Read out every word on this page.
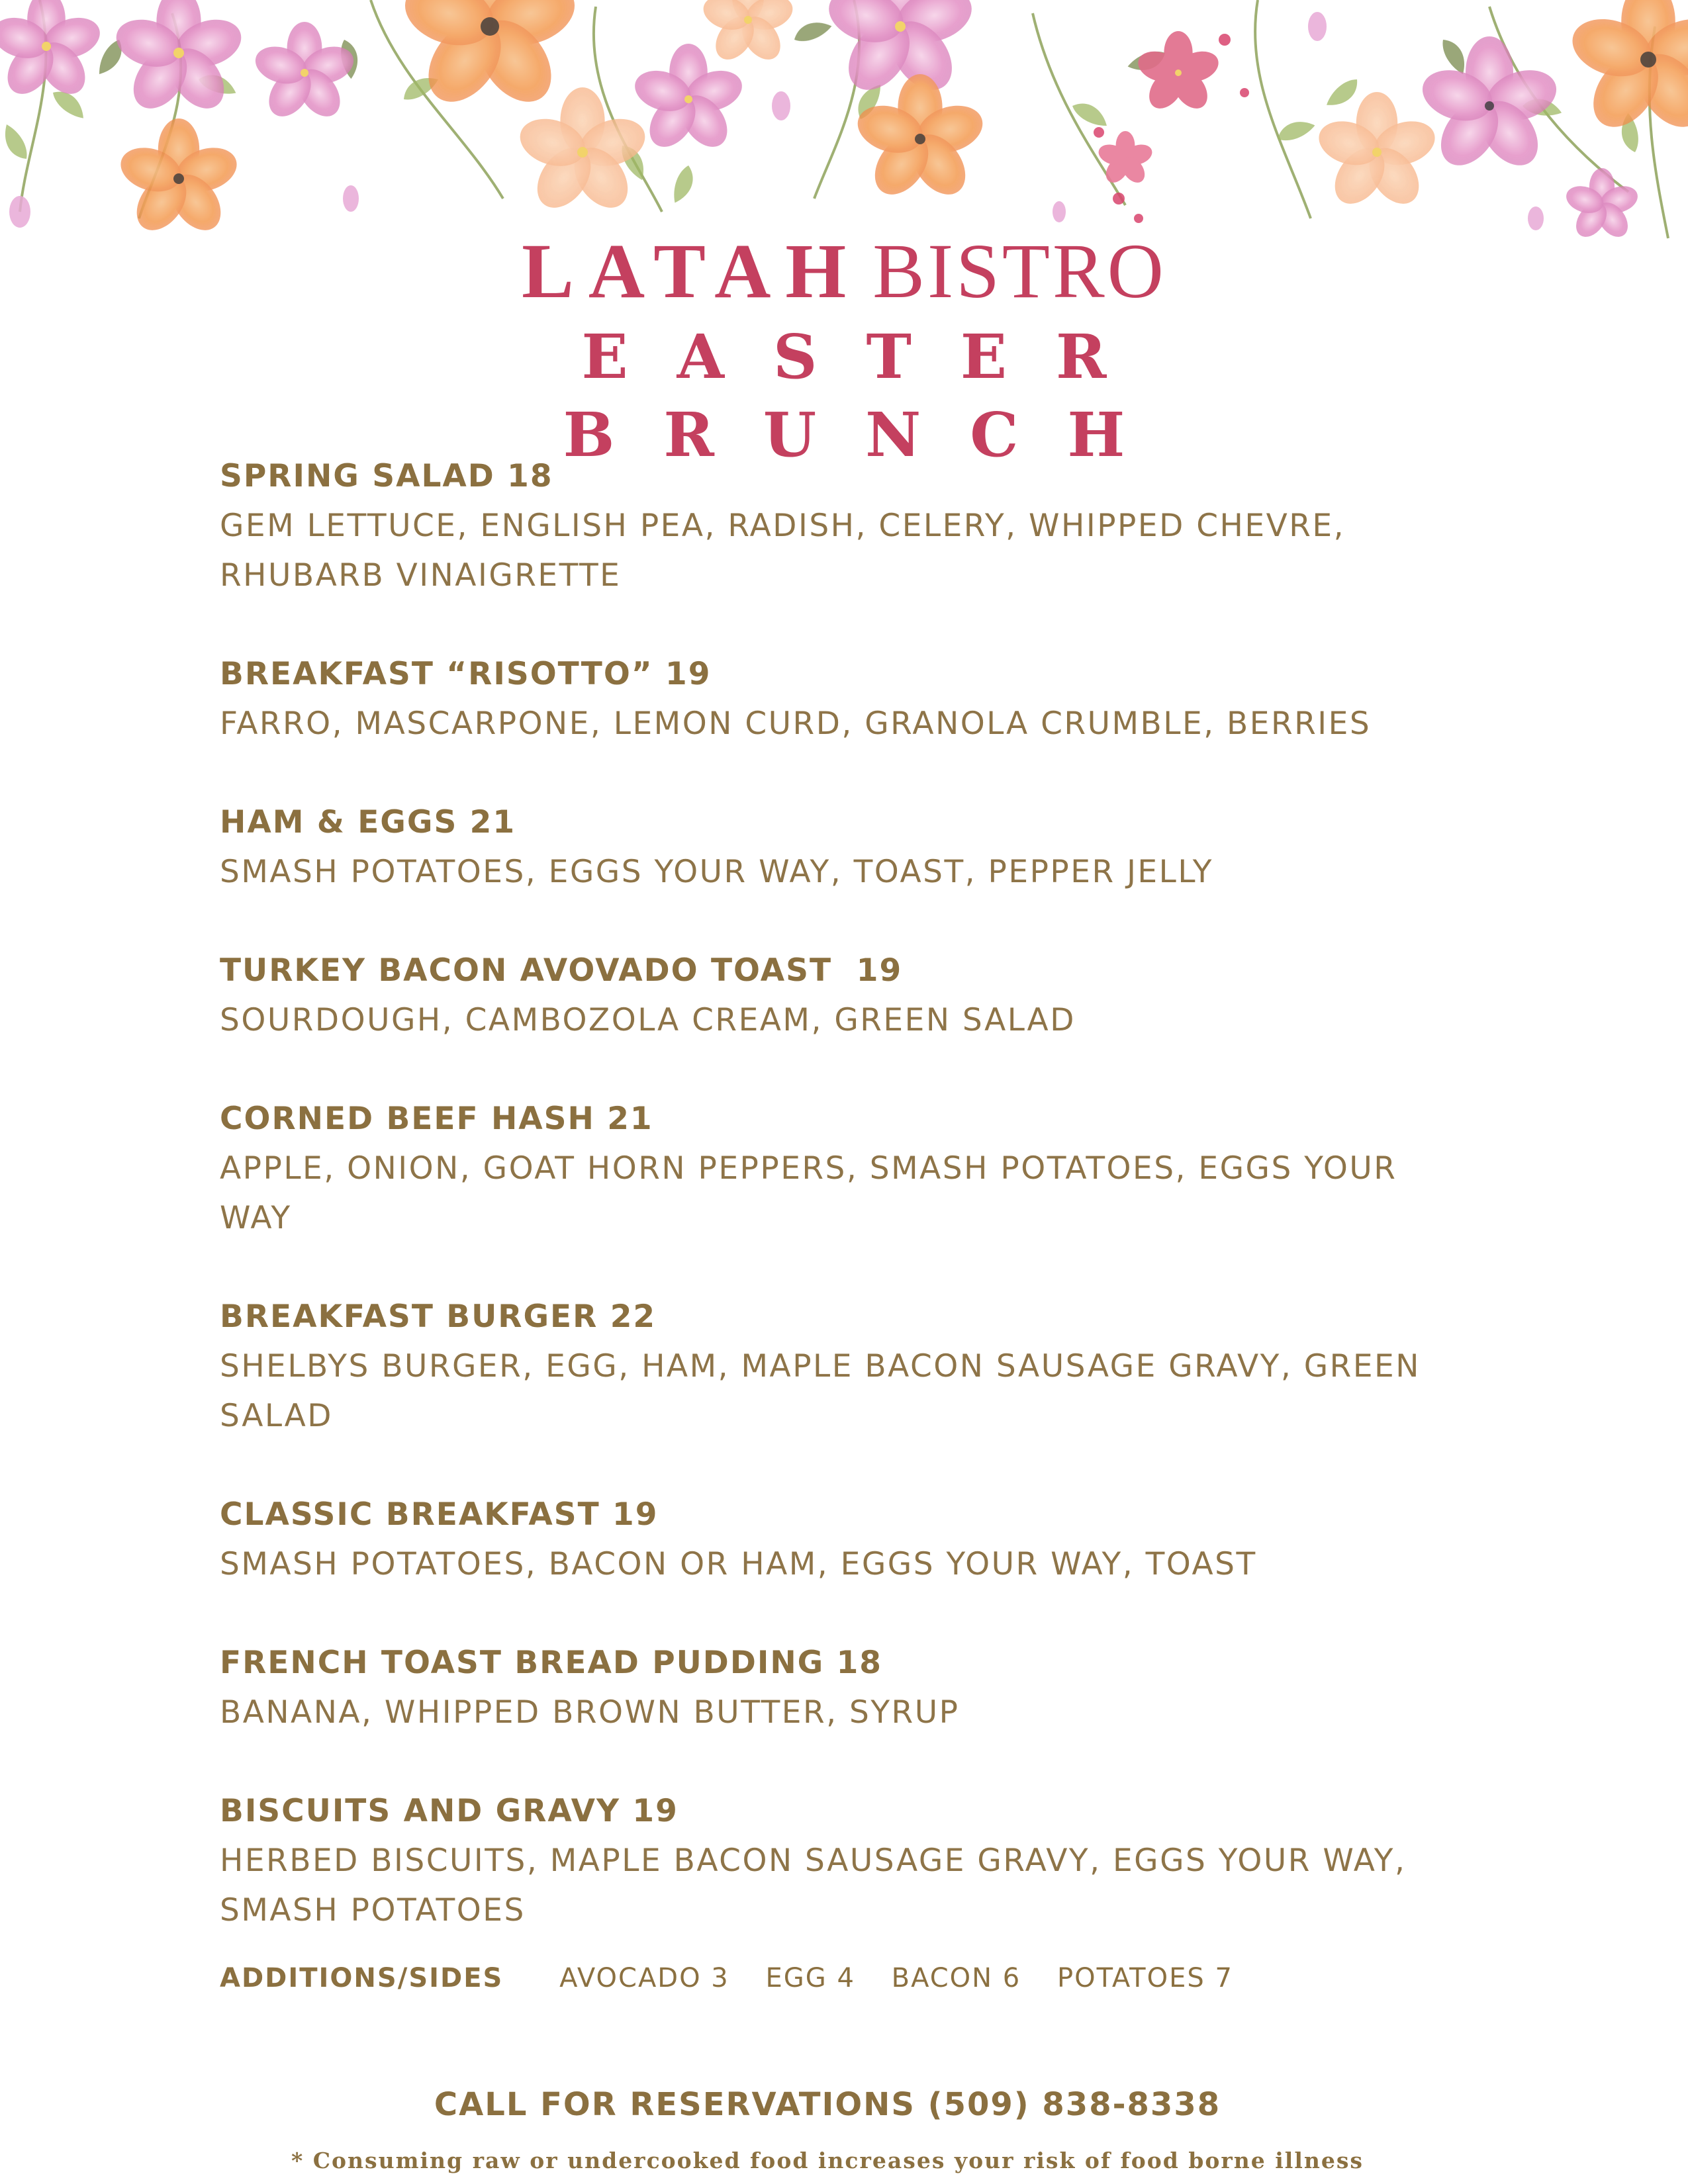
LATAH BISTRO
EASTER
BRUNCH
SPRING SALAD 18
GEM LETTUCE, ENGLISH PEA, RADISH, CELERY, WHIPPED CHEVRE, RHUBARB VINAIGRETTE
BREAKFAST “RISOTTO” 19
FARRO, MASCARPONE, LEMON CURD, GRANOLA CRUMBLE, BERRIES
HAM & EGGS 21
SMASH POTATOES, EGGS YOUR WAY, TOAST, PEPPER JELLY
TURKEY BACON AVOVADO TOAST  19
SOURDOUGH, CAMBOZOLA CREAM, GREEN SALAD
CORNED BEEF HASH 21
APPLE, ONION, GOAT HORN PEPPERS, SMASH POTATOES, EGGS YOUR WAY
BREAKFAST BURGER 22
SHELBYS BURGER, EGG, HAM, MAPLE BACON SAUSAGE GRAVY, GREEN SALAD
CLASSIC BREAKFAST 19
SMASH POTATOES, BACON OR HAM, EGGS YOUR WAY, TOAST
FRENCH TOAST BREAD PUDDING 18
BANANA, WHIPPED BROWN BUTTER, SYRUP
BISCUITS AND GRAVY 19
HERBED BISCUITS, MAPLE BACON SAUSAGE GRAVY, EGGS YOUR WAY, SMASH POTATOES
ADDITIONS/SIDES AVOCADO 3 EGG 4 BACON 6 POTATOES 7
CALL FOR RESERVATIONS (509) 838-8338
* Consuming raw or undercooked food increases your risk of food borne illness
